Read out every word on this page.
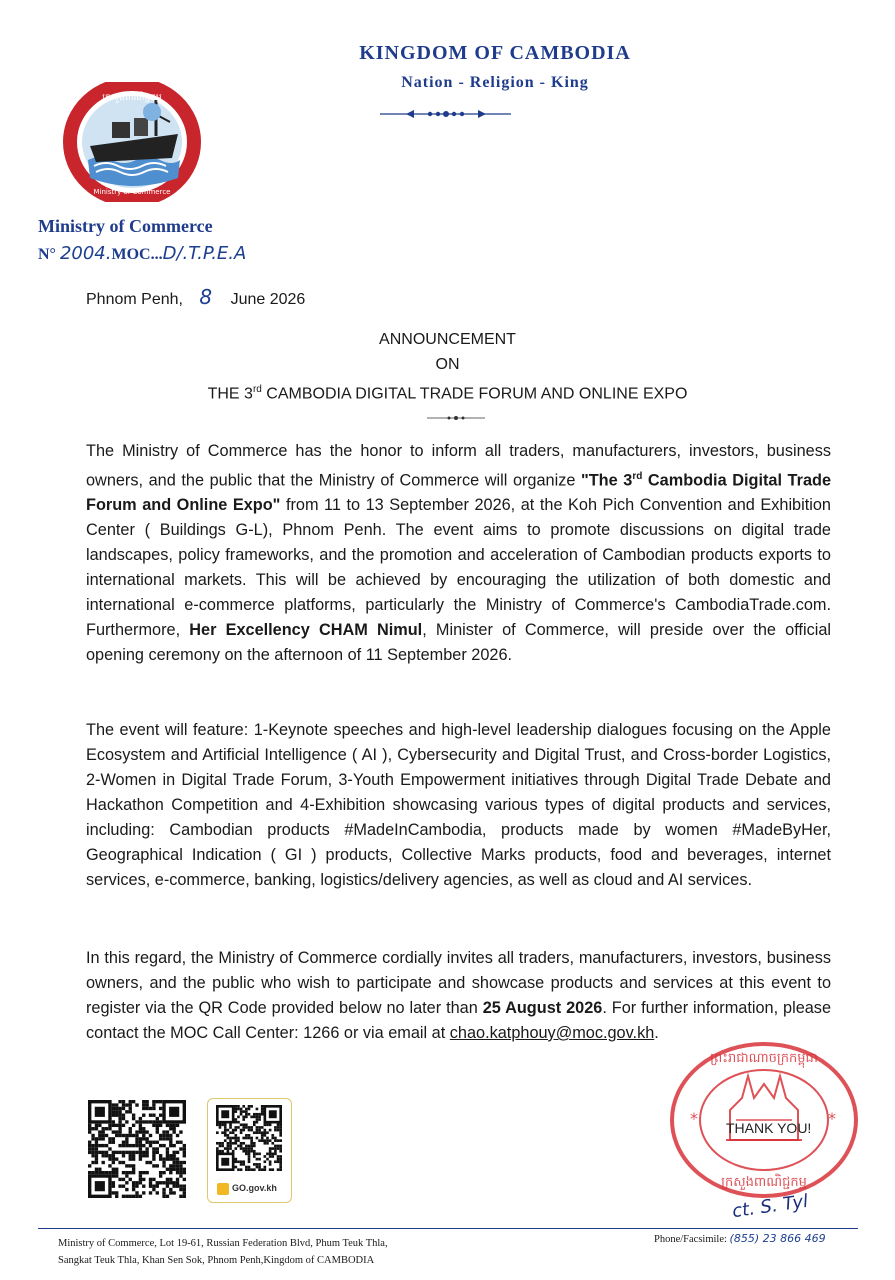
ក្រសួងពាណិជ្ជកម្ម
Ministry of Commerce
KINGDOM OF CAMBODIA
Nation - Religion - King
Ministry of Commerce
N° 2004.MOC...D/.T.P.E.A
Phnom Penh, 8 June 2026
ANNOUNCEMENT
ON
THE 3rd CAMBODIA DIGITAL TRADE FORUM AND ONLINE EXPO
The Ministry of Commerce has the honor to inform all traders, manufacturers, investors, business owners, and the public that the Ministry of Commerce will organize "The 3rd Cambodia Digital Trade Forum and Online Expo" from 11 to 13 September 2026, at the Koh Pich Convention and Exhibition Center ( Buildings G-L), Phnom Penh. The event aims to promote discussions on digital trade landscapes, policy frameworks, and the promotion and acceleration of Cambodian products exports to international markets. This will be achieved by encouraging the utilization of both domestic and international e-commerce platforms, particularly the Ministry of Commerce's CambodiaTrade.com. Furthermore, Her Excellency CHAM Nimul, Minister of Commerce, will preside over the official opening ceremony on the afternoon of 11 September 2026.
The event will feature: 1-Keynote speeches and high-level leadership dialogues focusing on the Apple Ecosystem and Artificial Intelligence ( AI ), Cybersecurity and Digital Trust, and Cross-border Logistics, 2-Women in Digital Trade Forum, 3-Youth Empowerment initiatives through Digital Trade Debate and Hackathon Competition and 4-Exhibition showcasing various types of digital products and services, including: Cambodian products #MadeInCambodia, products made by women #MadeByHer, Geographical Indication ( GI ) products, Collective Marks products, food and beverages, internet services, e-commerce, banking, logistics/delivery agencies, as well as cloud and AI services.
In this regard, the Ministry of Commerce cordially invites all traders, manufacturers, investors, business owners, and the public who wish to participate and showcase products and services at this event to register via the QR Code provided below no later than 25 August 2026. For further information, please contact the MOC Call Center: 1266 or via email at chao.katphouy@moc.gov.kh.
GO.gov.kh
*	*
ព្រះរាជាណាចក្រកម្ពុជា
ក្រសួងពាណិជ្ជកម្ម
THANK YOU!
ct. S. Tyl
Ministry of Commerce, Lot 19-61, Russian Federation Blvd, Phum Teuk Thla,
Sangkat Teuk Thla, Khan Sen Sok, Phnom Penh,Kingdom of CAMBODIA
Phone/Facsimile: (855) 23 866 469
